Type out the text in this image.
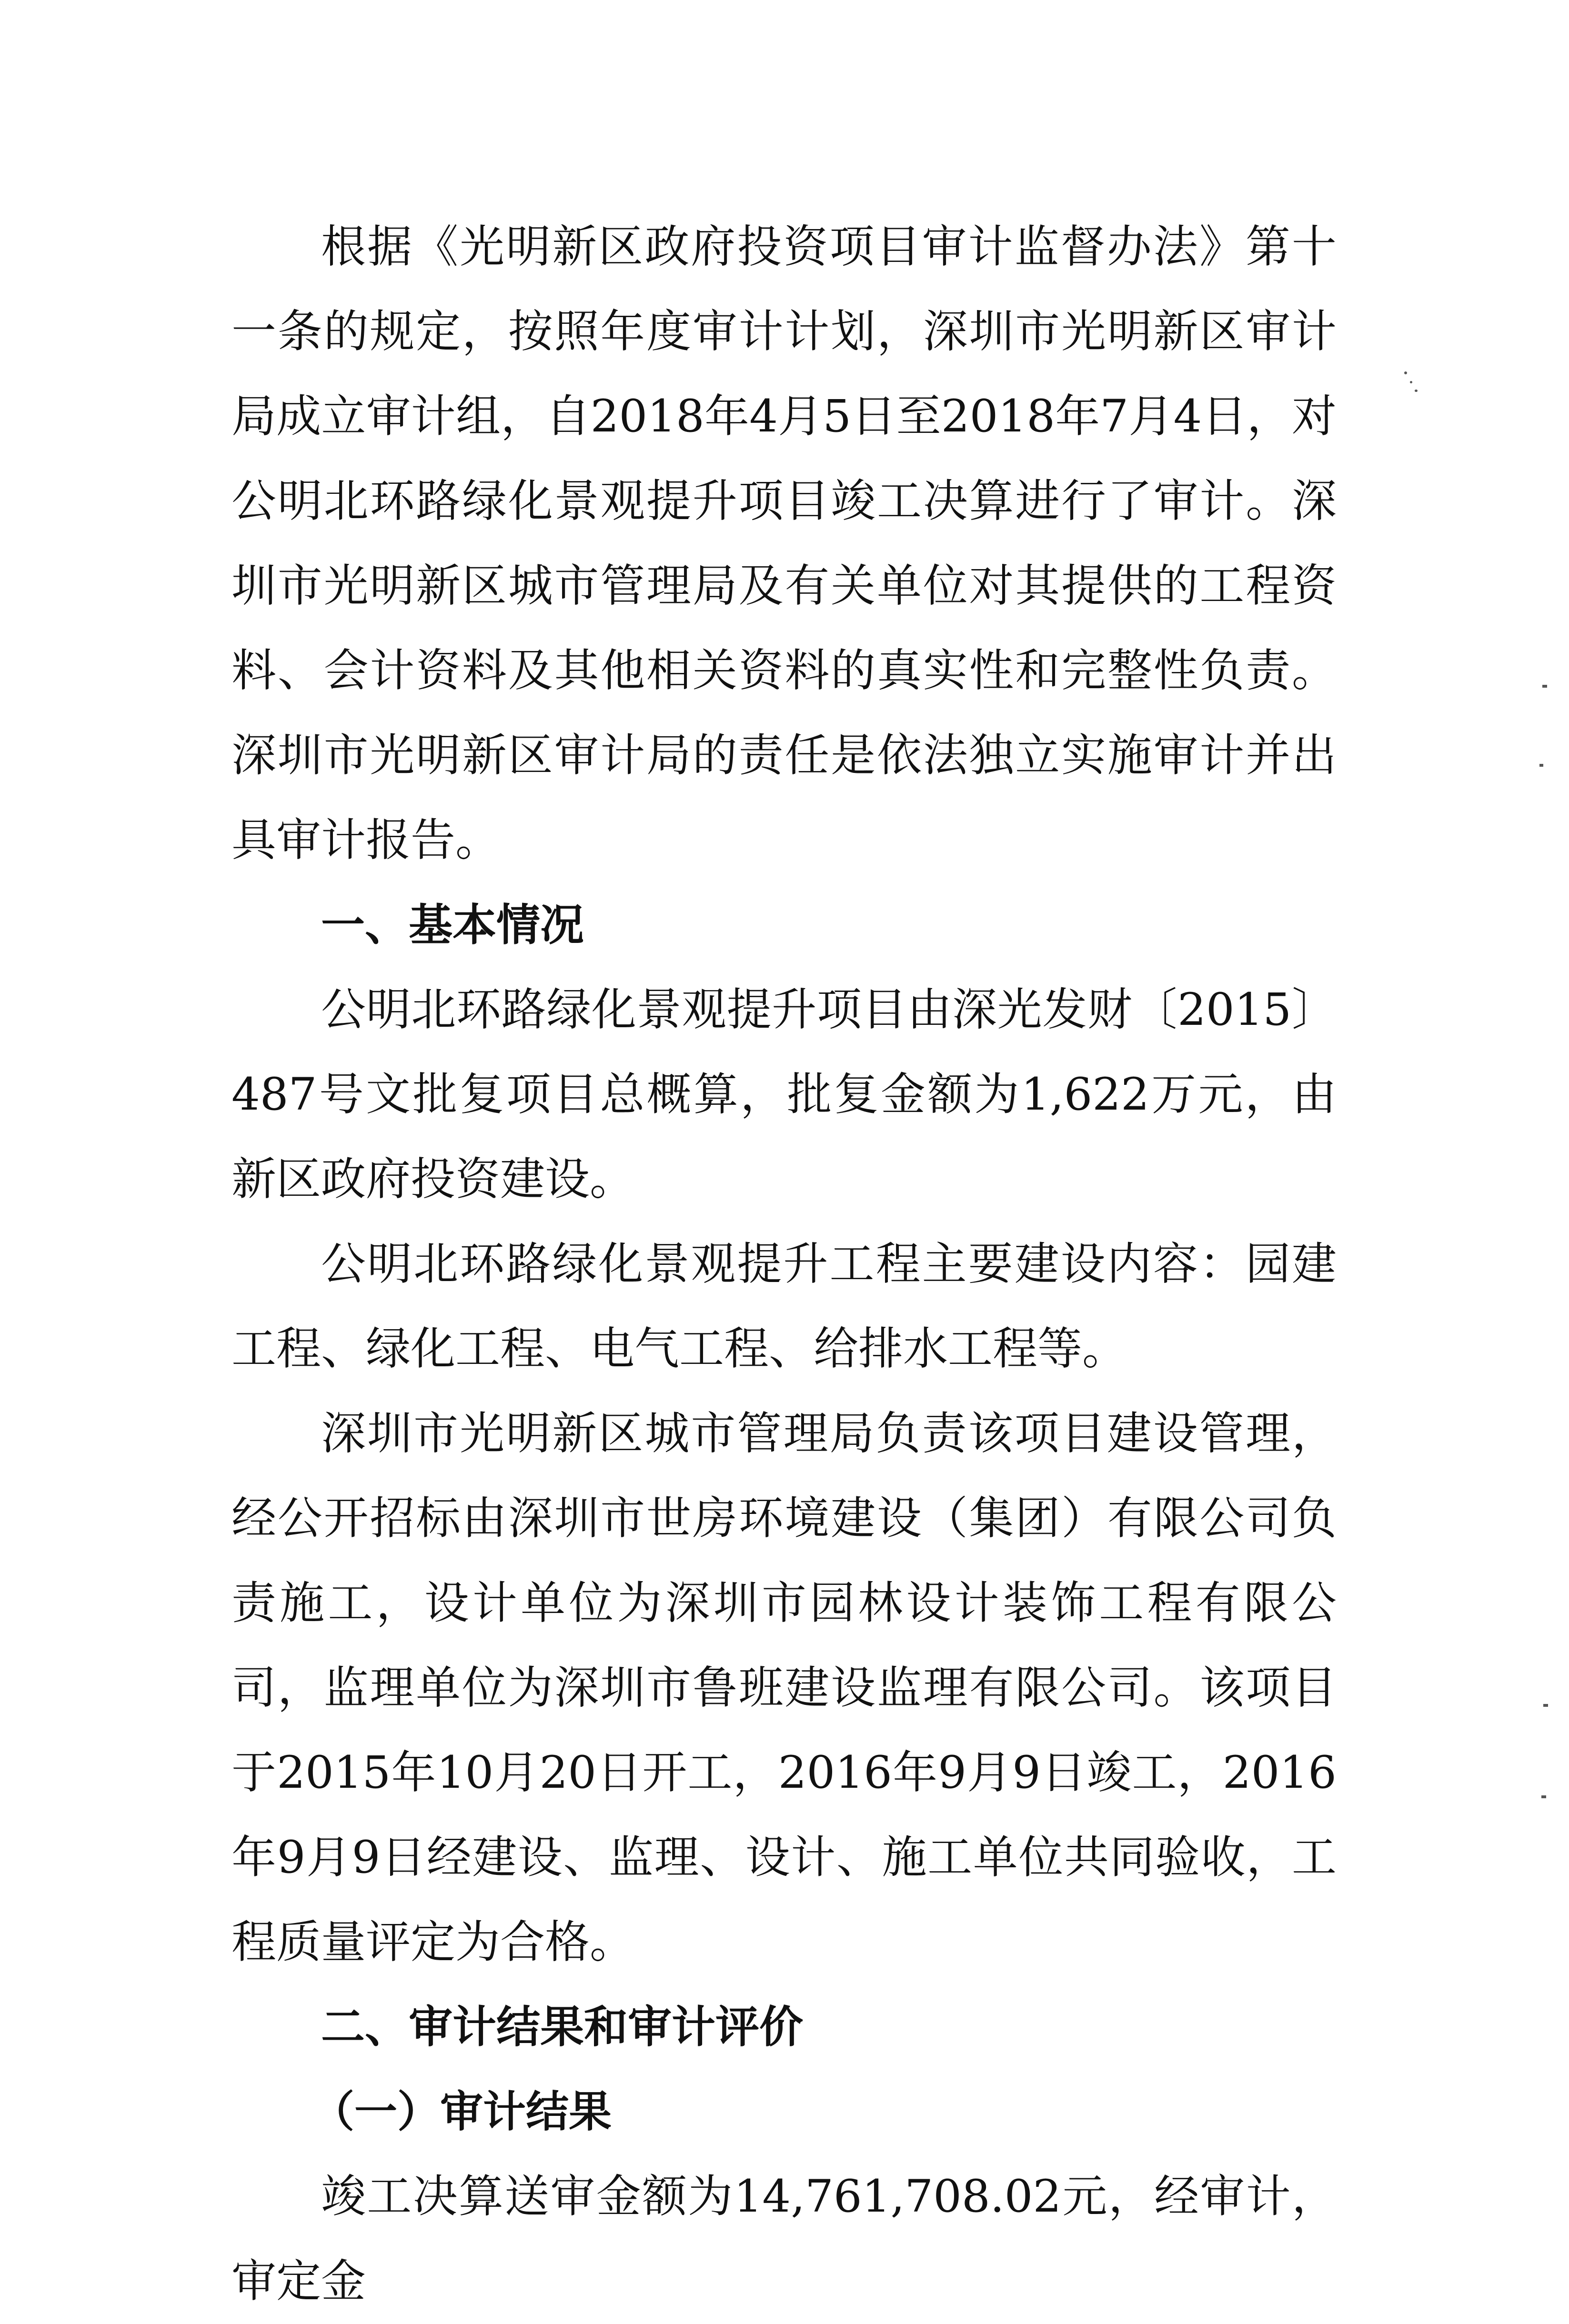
根据《光明新区政府投资项目审计监督办法》第十一条的规定，按照年度审计计划，深圳市光明新区审计局成立审计组，自2018年4月5日至2018年7月4日，对公明北环路绿化景观提升项目竣工决算进行了审计。深圳市光明新区城市管理局及有关单位对其提供的工程资料、会计资料及其他相关资料的真实性和完整性负责。深圳市光明新区审计局的责任是依法独立实施审计并出具审计报告。

一、基本情况

公明北环路绿化景观提升项目由深光发财〔2015〕487号文批复项目总概算，批复金额为1,622万元，由新区政府投资建设。

公明北环路绿化景观提升工程主要建设内容：园建工程、绿化工程、电气工程、给排水工程等。

深圳市光明新区城市管理局负责该项目建设管理，经公开招标由深圳市世房环境建设（集团）有限公司负责施工，设计单位为深圳市园林设计装饰工程有限公司，监理单位为深圳市鲁班建设监理有限公司。该项目于2015年10月20日开工，2016年9月9日竣工，2016年9月9日经建设、监理、设计、施工单位共同验收，工程质量评定为合格。

二、审计结果和审计评价

（一）审计结果

竣工决算送审金额为14,761,708.02元，经审计，审定金
